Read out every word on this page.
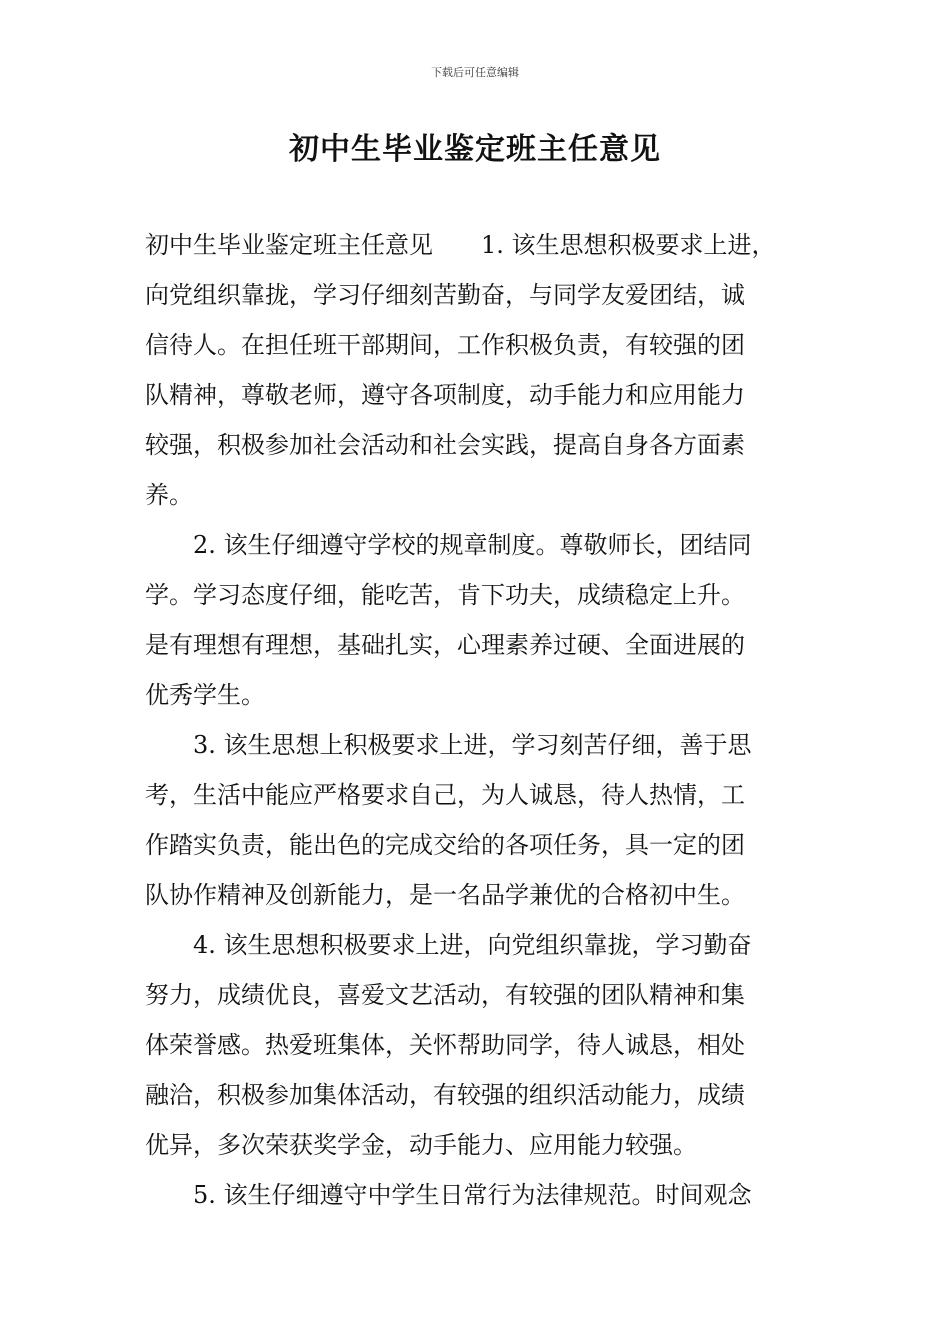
下载后可任意编辑
初中生毕业鉴定班主任意见
初中生毕业鉴定班主任意见　　1. 该生思想积极要求上进，
向党组织靠拢，学习仔细刻苦勤奋，与同学友爱团结，诚
信待人。在担任班干部期间，工作积极负责，有较强的团
队精神，尊敬老师，遵守各项制度，动手能力和应用能力
较强，积极参加社会活动和社会实践，提高自身各方面素
养。
2. 该生仔细遵守学校的规章制度。尊敬师长，团结同
学。学习态度仔细，能吃苦，肯下功夫，成绩稳定上升。
是有理想有理想，基础扎实，心理素养过硬、全面进展的
优秀学生。
3. 该生思想上积极要求上进，学习刻苦仔细，善于思
考，生活中能应严格要求自己，为人诚恳，待人热情，工
作踏实负责，能出色的完成交给的各项任务，具一定的团
队协作精神及创新能力，是一名品学兼优的合格初中生。
4. 该生思想积极要求上进，向党组织靠拢，学习勤奋
努力，成绩优良，喜爱文艺活动，有较强的团队精神和集
体荣誉感。热爱班集体，关怀帮助同学，待人诚恳，相处
融洽，积极参加集体活动，有较强的组织活动能力，成绩
优异，多次荣获奖学金，动手能力、应用能力较强。
5. 该生仔细遵守中学生日常行为法律规范。时间观念
